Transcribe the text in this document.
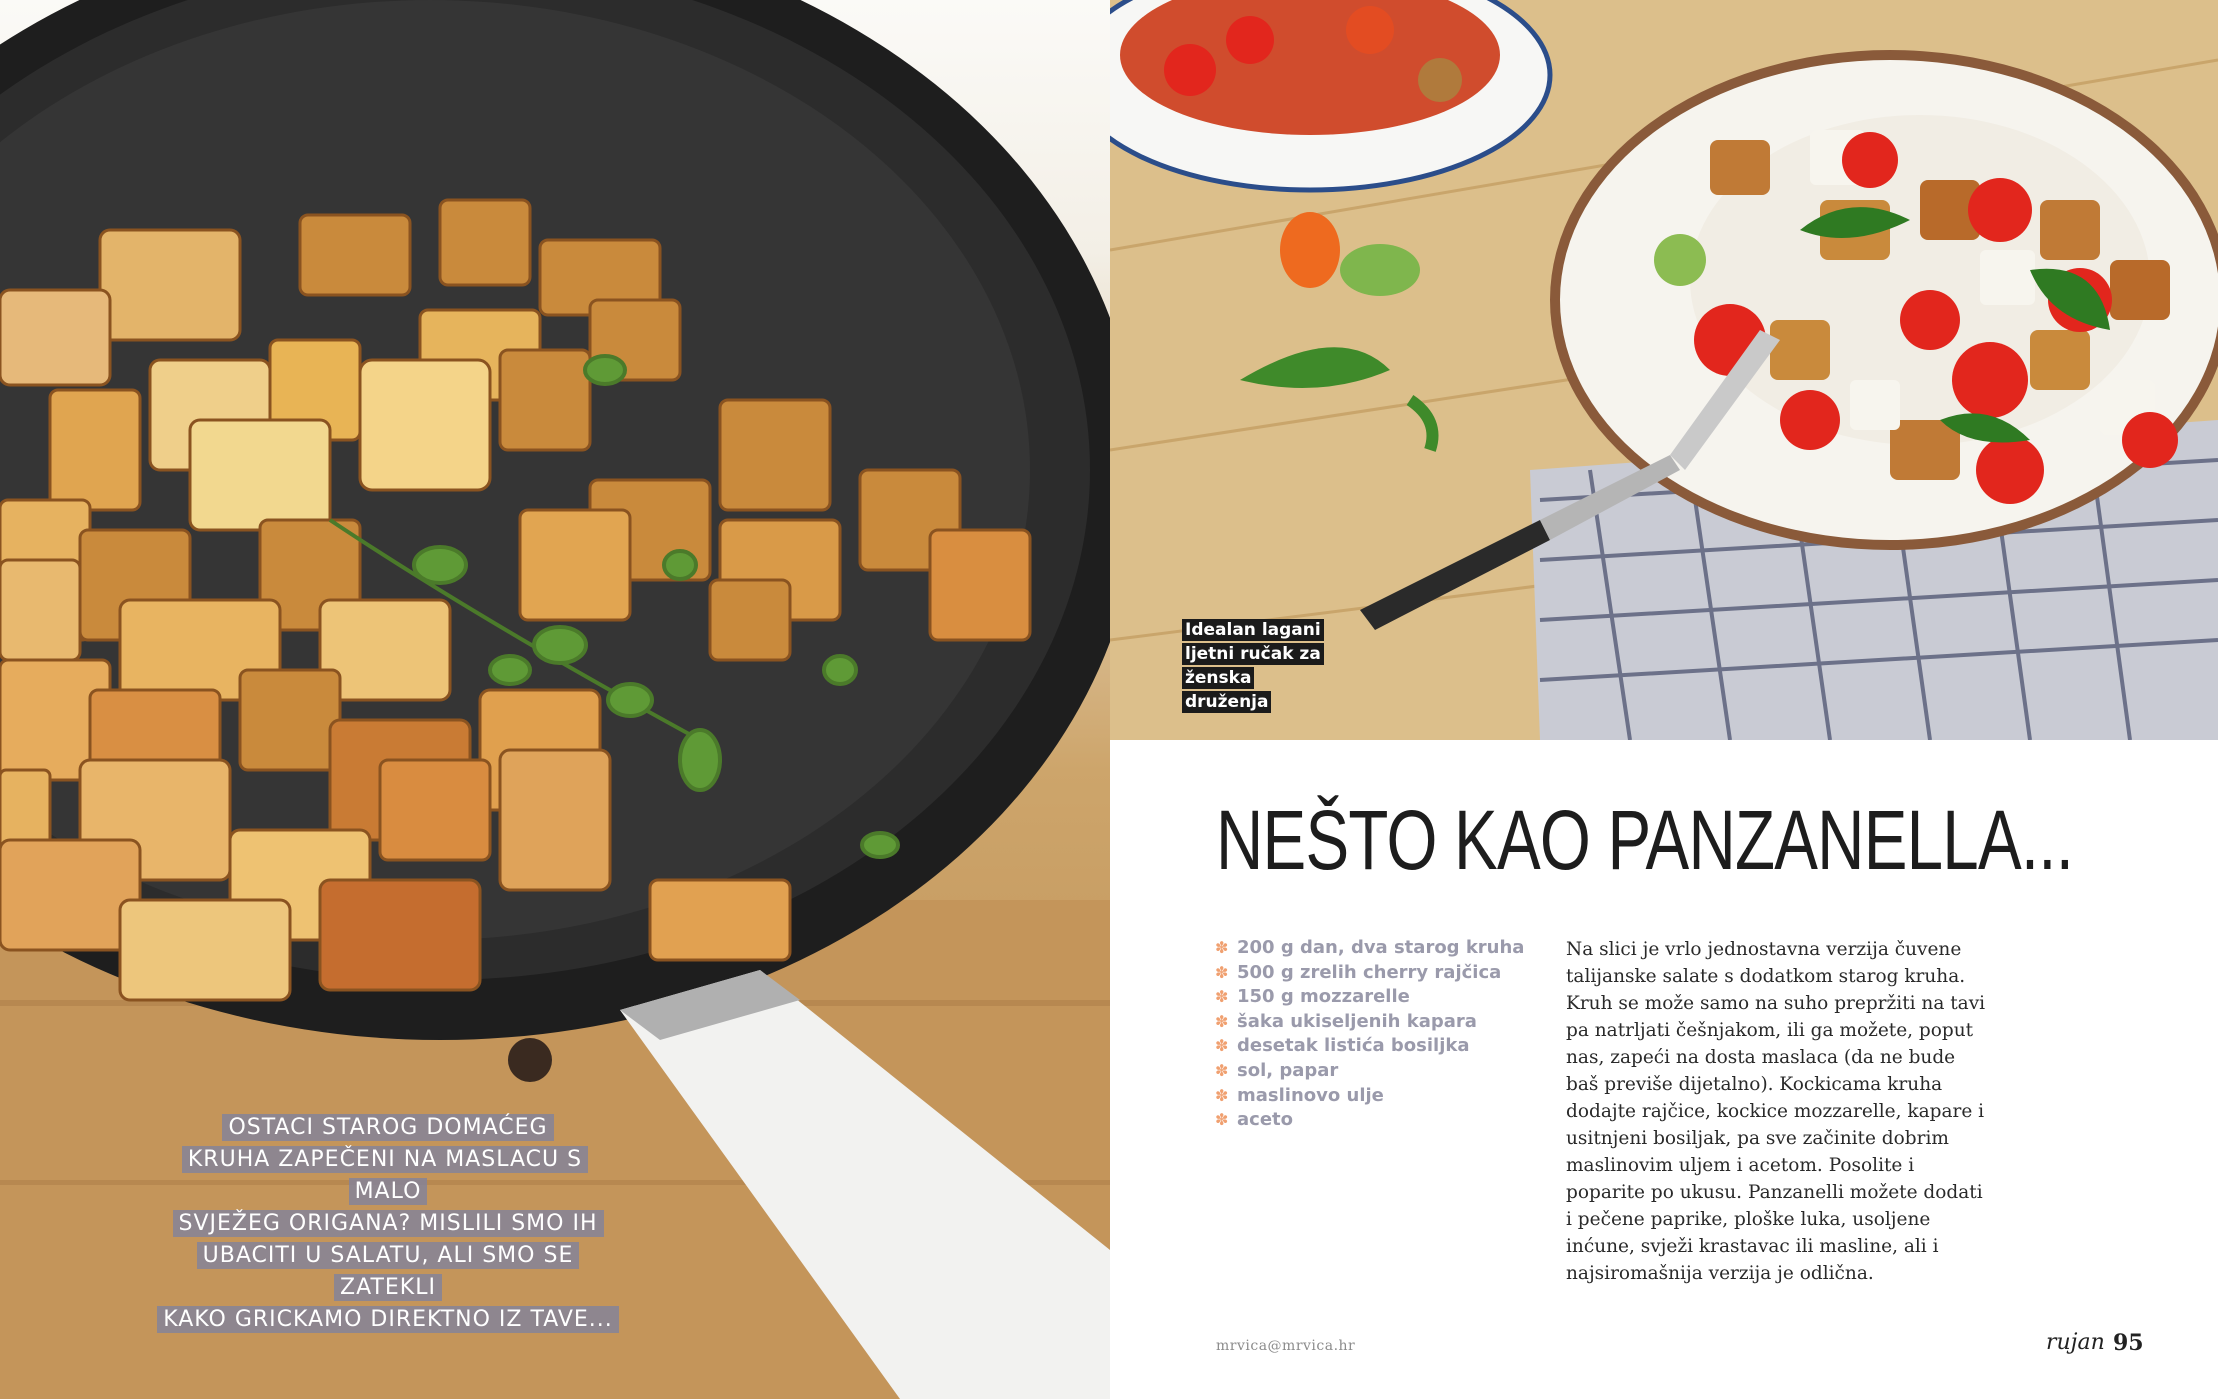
OSTACI STAROG DOMAĆEG
KRUHA ZAPEČENI NA MASLACU S MALO
SVJEŽEG ORIGANA? MISLILI SMO IH
UBACITI U SALATU, ALI SMO SE ZATEKLI
KAKO GRICKAMO DIREKTNO IZ TAVE...
Idealan lagani
ljetni ručak za
ženska druženja
NEŠTO KAO PANZANELLA...
✽ 200 g dan, dva starog kruha
✽ 500 g zrelih cherry rajčica
✽ 150 g mozzarelle
✽ šaka ukiseljenih kapara
✽ desetak listića bosiljka
✽ sol, papar
✽ maslinovo ulje
✽ aceto

Na slici je vrlo jednostavna verzija čuvene talijanske salate s dodatkom starog kruha. Kruh se može samo na suho prepržiti na tavi pa natrljati češnjakom, ili ga možete, poput nas, zapeći na dosta maslaca (da ne bude baš previše dijetalno). Kockicama kruha dodajte rajčice, kockice mozzarelle, kapare i usitnjeni bosiljak, pa sve začinite dobrim maslinovim uljem i acetom. Posolite i poparite po ukusu. Panzanelli možete dodati i pečene paprike, ploške luka, usoljene inćune, svježi krastavac ili masline, ali i najsiromašnija verzija je odlična.

mrvica@mrvica.hr	rujan 95
